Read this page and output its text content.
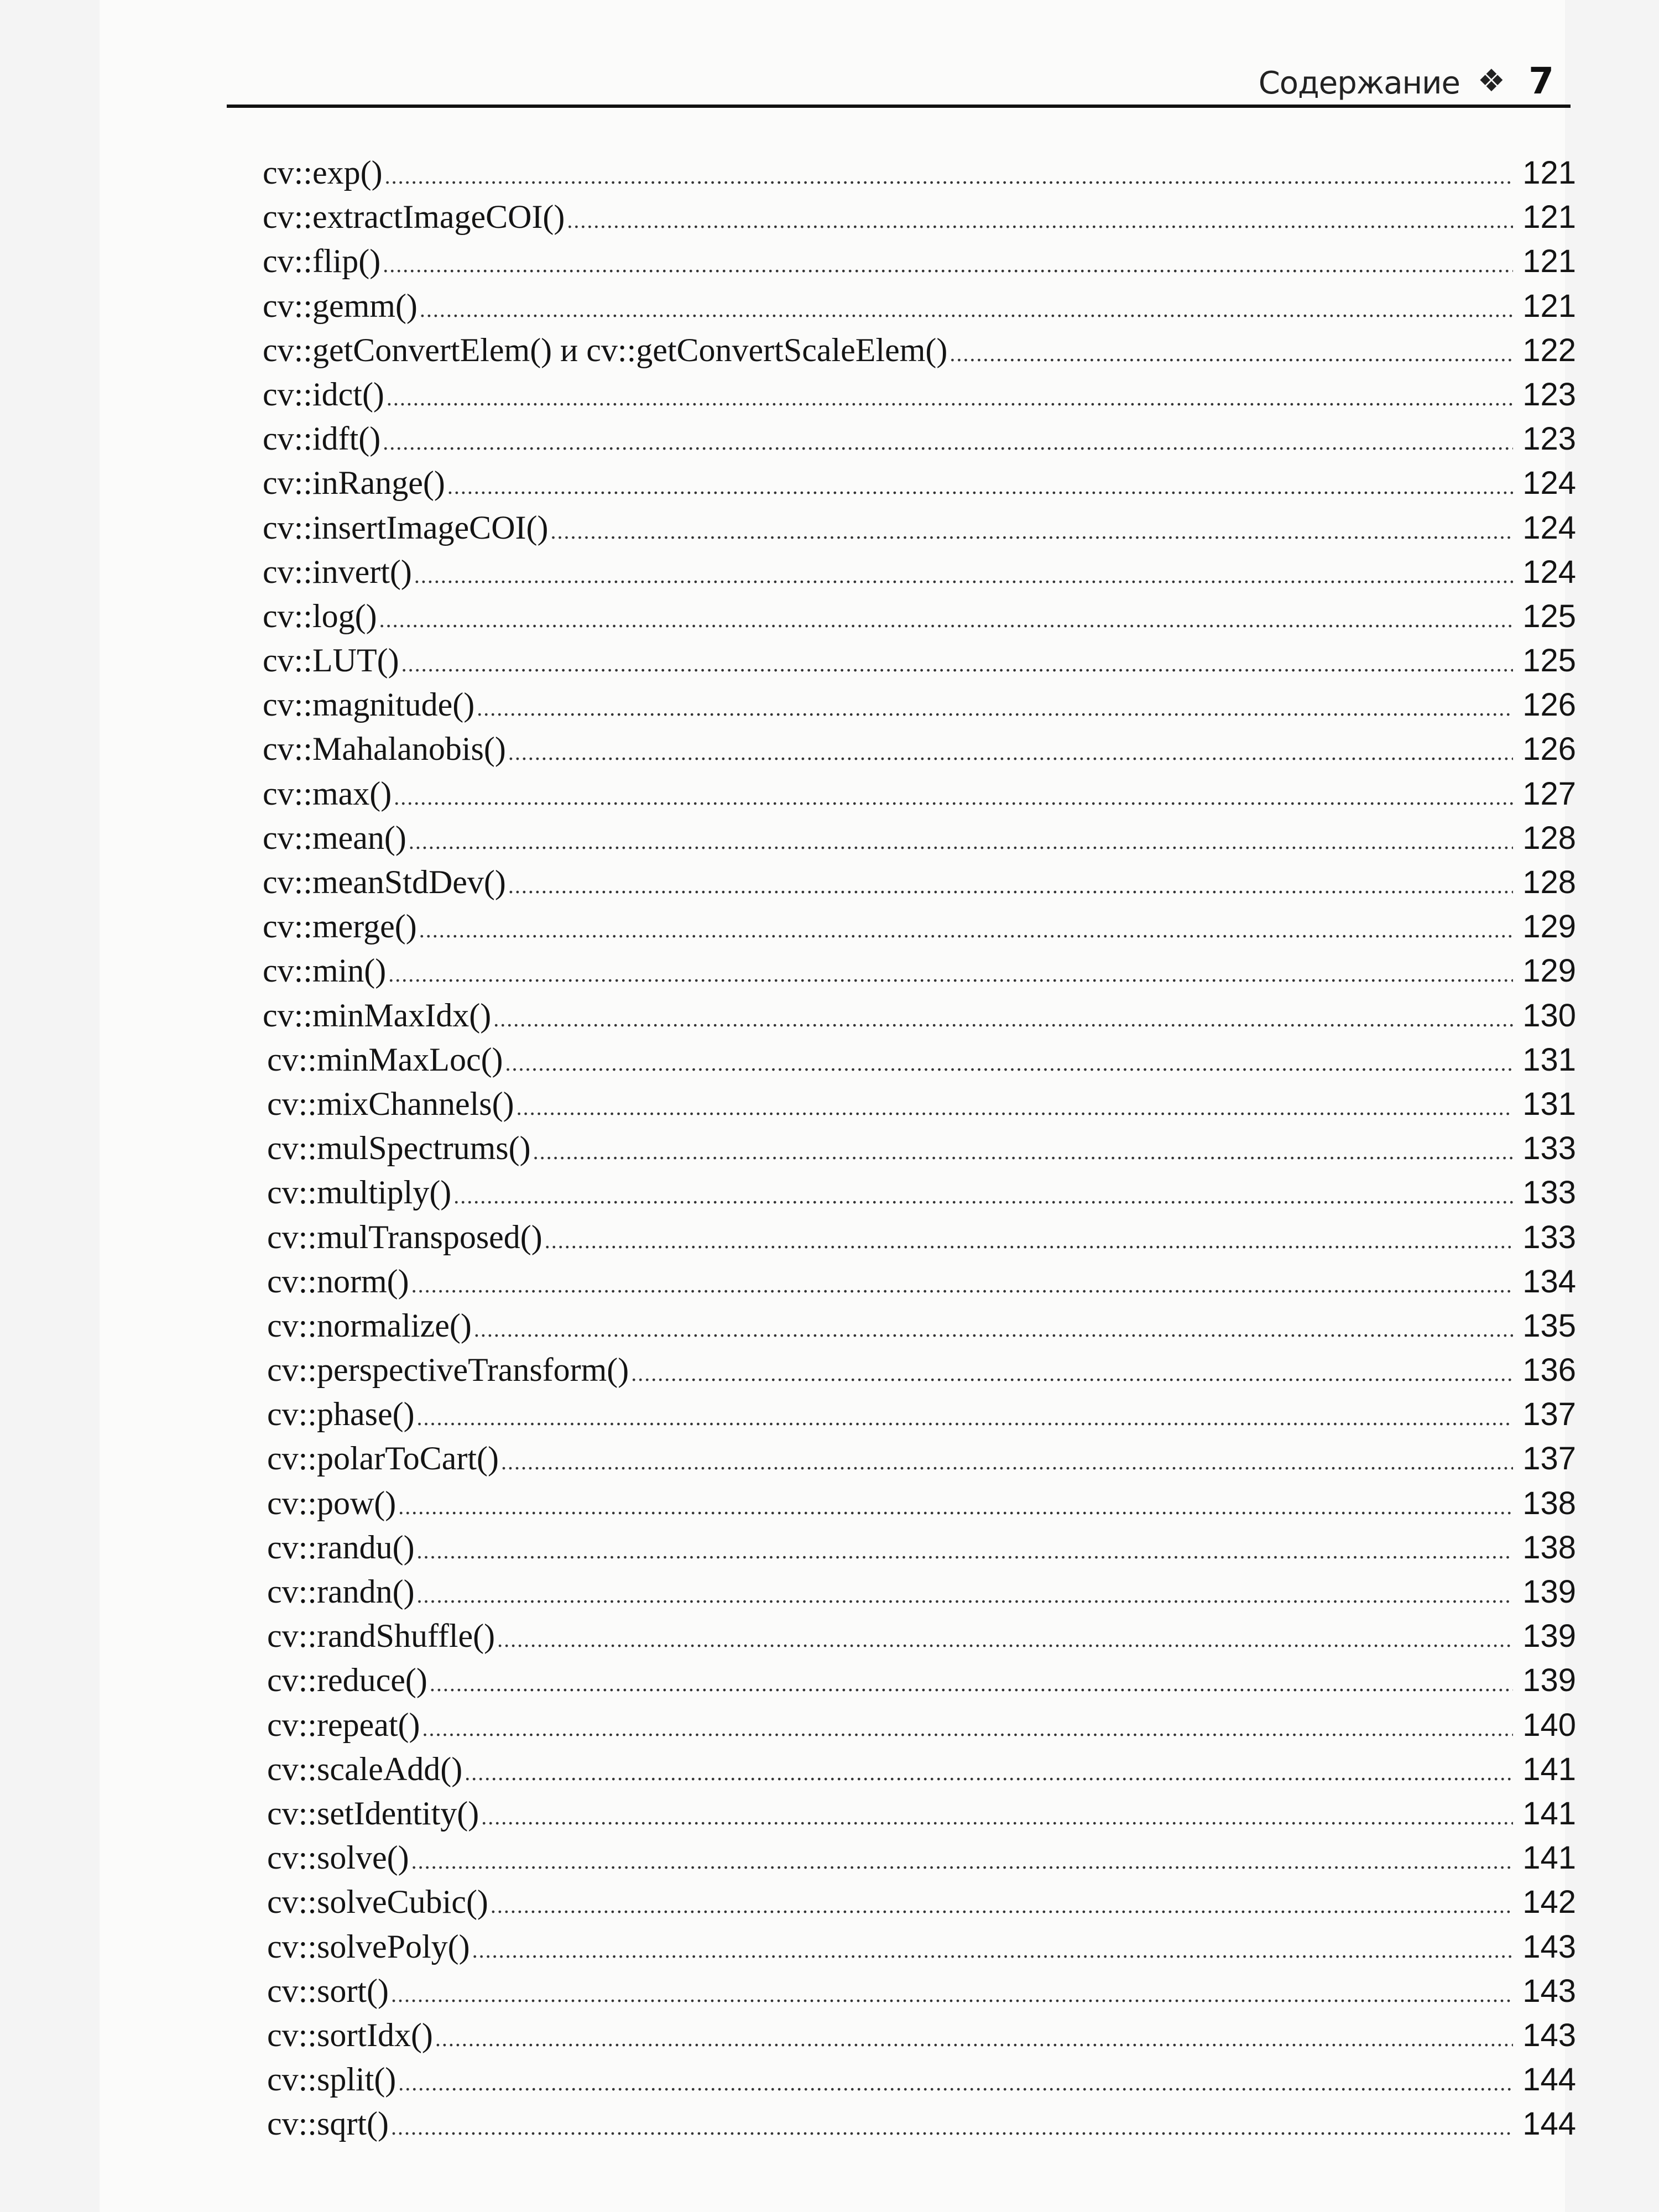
Содержание ❖ 7
cv::exp() .....	121
cv::extractImageCOI() .....	121
cv::flip() .....	121
cv::gemm() .....	121
cv::getConvertElem() и cv::getConvertScaleElem() .....	122
cv::idct() .....	123
cv::idft() .....	123
cv::inRange() .....	124
cv::insertImageCOI() .....	124
cv::invert() .....	124
cv::log() .....	125
cv::LUT() .....	125
cv::magnitude() .....	126
cv::Mahalanobis() .....	126
cv::max() .....	127
cv::mean() .....	128
cv::meanStdDev() .....	128
cv::merge() .....	129
cv::min() .....	129
cv::minMaxIdx() .....	130
cv::minMaxLoc() .....	131
cv::mixChannels() .....	131
cv::mulSpectrums() .....	133
cv::multiply() .....	133
cv::mulTransposed() .....	133
cv::norm() .....	134
cv::normalize() .....	135
cv::perspectiveTransform() .....	136
cv::phase() .....	137
cv::polarToCart() .....	137
cv::pow() .....	138
cv::randu() .....	138
cv::randn() .....	139
cv::randShuffle() .....	139
cv::reduce() .....	139
cv::repeat() .....	140
cv::scaleAdd() .....	141
cv::setIdentity() .....	141
cv::solve() .....	141
cv::solveCubic() .....	142
cv::solvePoly() .....	143
cv::sort() .....	143
cv::sortIdx() .....	143
cv::split() .....	144
cv::sqrt() .....	144
